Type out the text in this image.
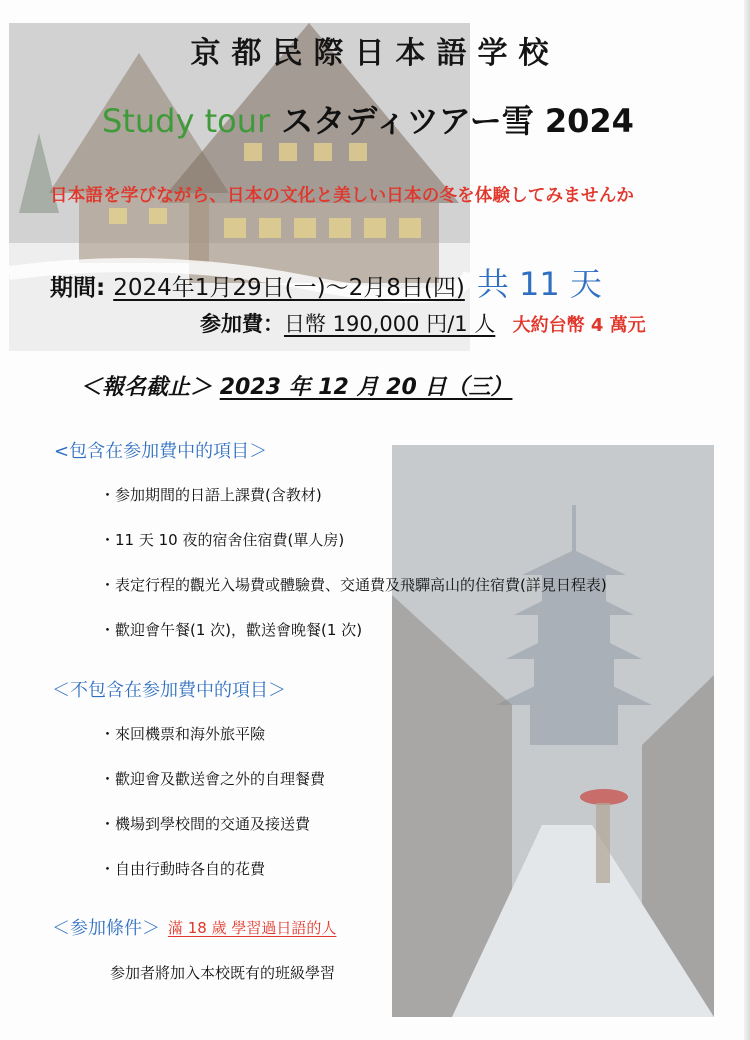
京都民際日本語学校
Study tour スタディツアー雪 2024
日本語を学びながら、日本の文化と美しい日本の冬を体験してみませんか
期間: 2024年1月29日(一)～2月8日(四) 共 11 天
参加費：日幣 190,000 円/1 人 大約台幣 4 萬元
＜報名截止＞ 2023 年 12 月 20 日（三）
<包含在参加費中的項目＞
・ 参加期間的日語上課費(含教材)
・ 11 天 10 夜的宿舍住宿費(單人房)
・ 表定行程的觀光入場費或體驗費、交通費及飛驒高山的住宿費(詳見日程表)
・ 歡迎會午餐(1 次)，歡送會晚餐(1 次)
＜不包含在参加費中的項目＞
・ 來回機票和海外旅平險
・ 歡迎會及歡送會之外的自理餐費
・ 機場到學校間的交通及接送費
・ 自由行動時各自的花費
＜参加條件＞ 滿 18 歲 學習過日語的人
参加者將加入本校既有的班級學習
